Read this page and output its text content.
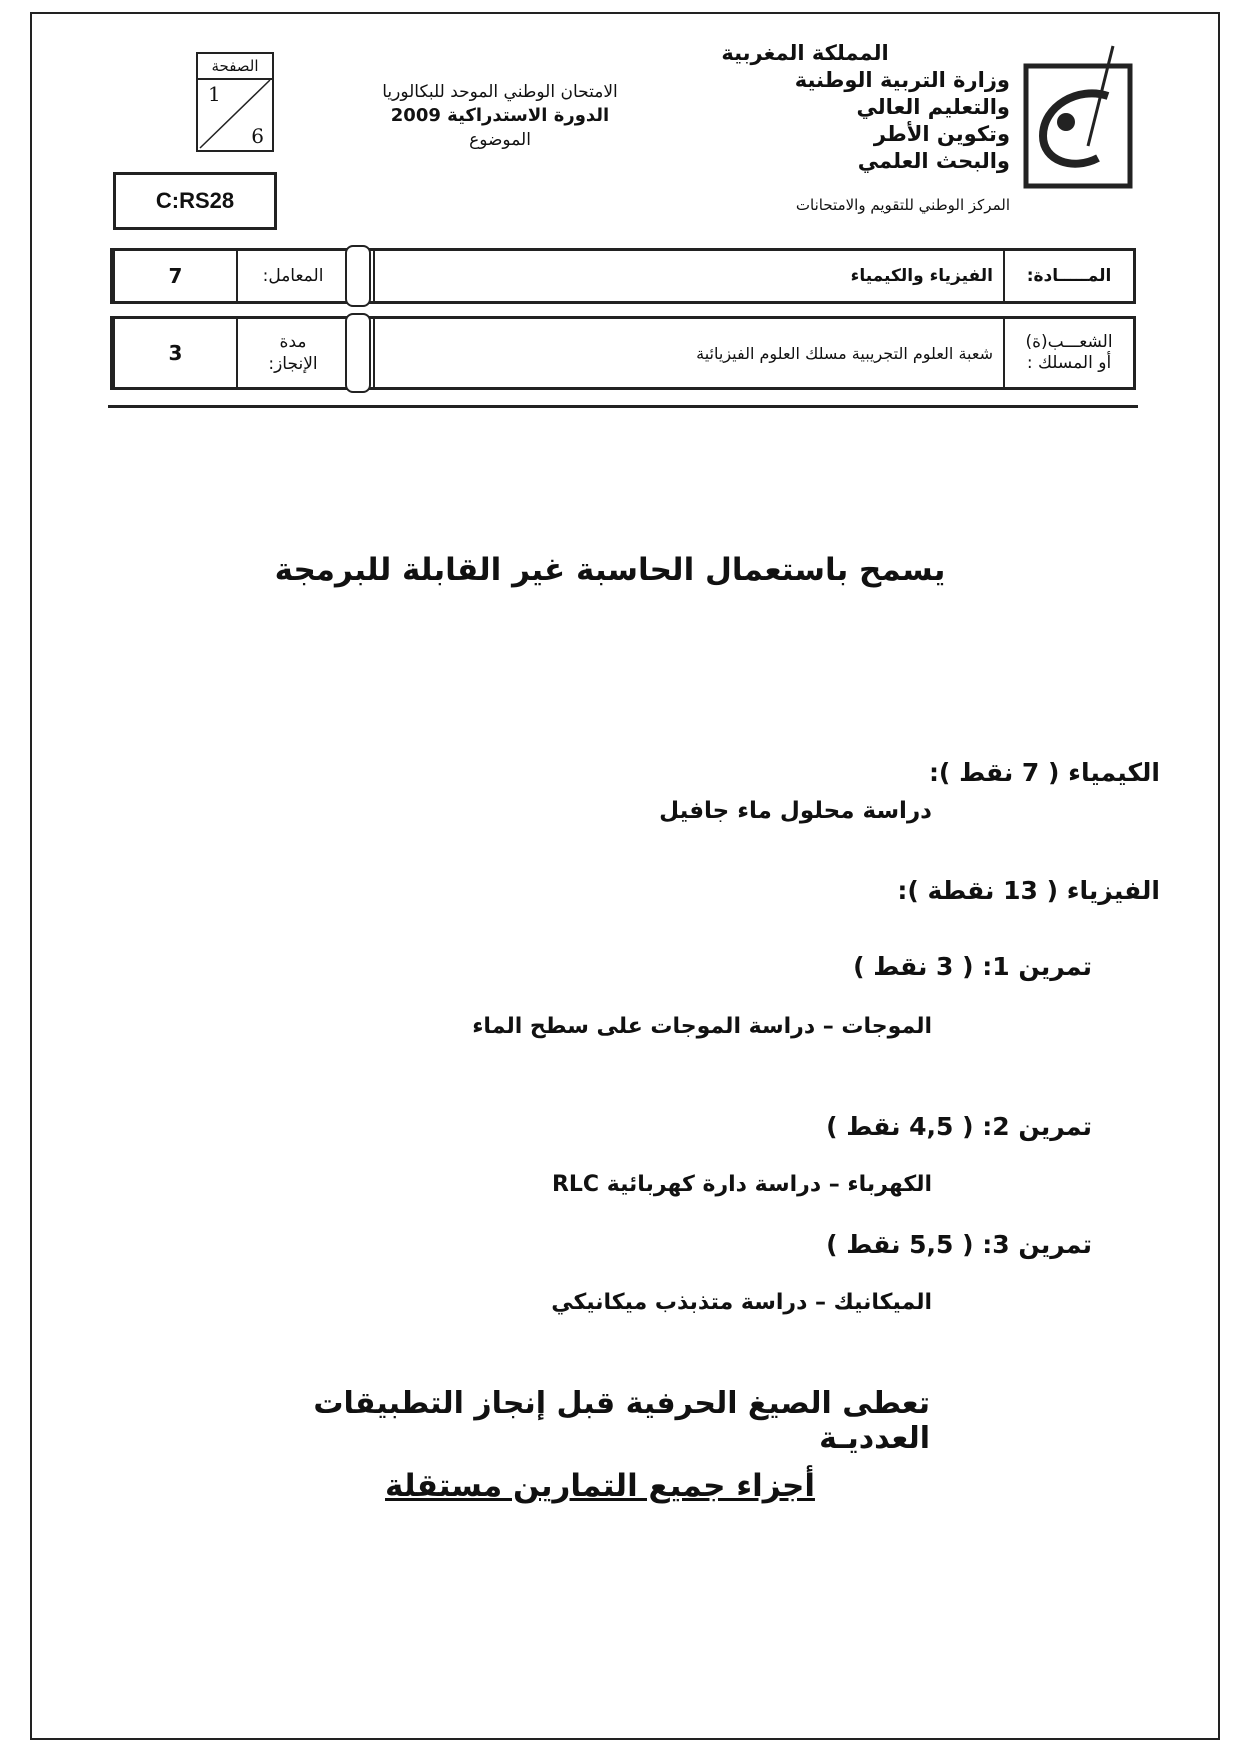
الصفحة
1
6
C:RS28
الامتحان الوطني الموحد للبكالوريا
الدورة الاستدراكية 2009
الموضوع
المملكة المغربية
وزارة التربية الوطنية
والتعليم العالي
وتكوين الأطر
والبحث العلمي
المركز الوطني للتقويم والامتحانات
المـــــادة:
الفيزياء والكيمياء
المعامل:
7
الشعـــب(ة)
أو المسلك :
شعبة العلوم التجريبية مسلك العلوم الفيزيائية
مدة
الإنجاز:
3
يسمح باستعمال الحاسبة غير القابلة للبرمجة
الكيمياء ( 7 نقط ):
دراسة محلول ماء جافيل
الفيزياء ( 13 نقطة ):
تمرين 1: ( 3 نقط )
الموجات – دراسة الموجات على سطح الماء
تمرين 2: ( 4,5 نقط )
الكهرباء – دراسة دارة كهربائية RLC
تمرين 3: ( 5,5 نقط )
الميكانيك – دراسة متذبذب ميكانيكي
تعطى الصيغ الحرفية قبل إنجاز التطبيقات العدديـة
أجزاء جميع التمارين مستقلة
